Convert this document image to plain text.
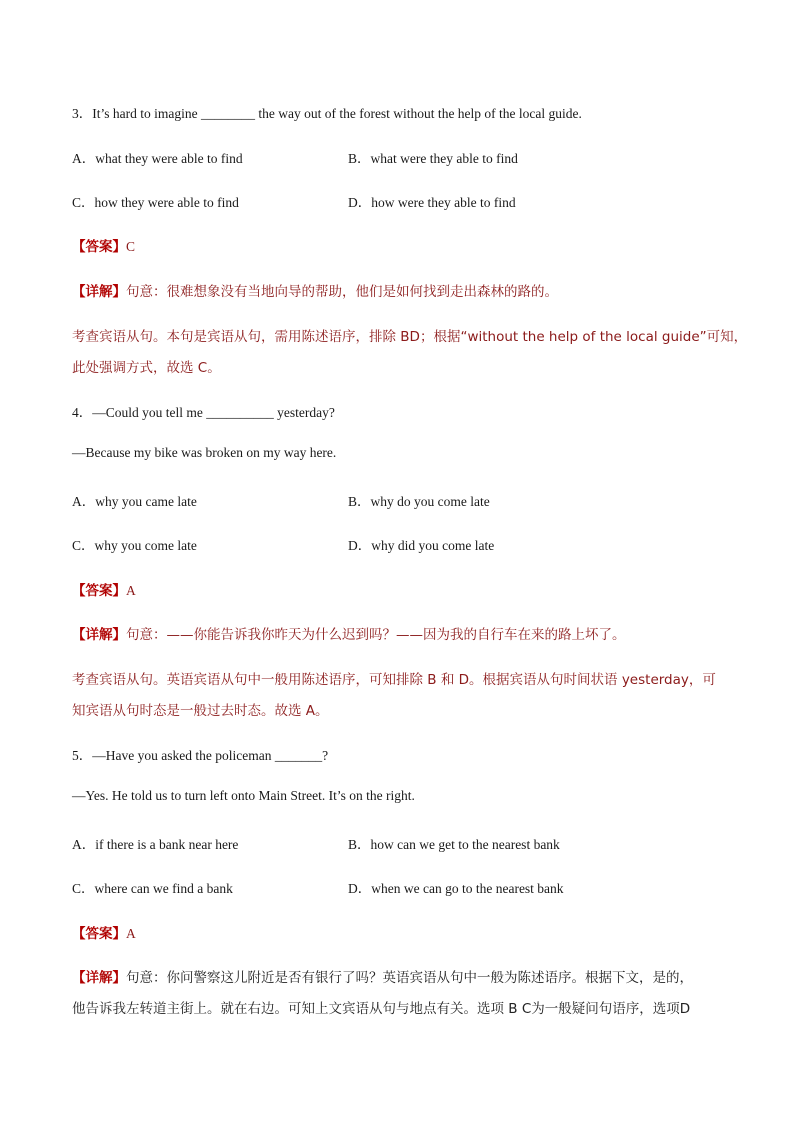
3．It’s hard to imagine ________ the way out of the forest without the help of the local guide.
A．what they were able to find	B．what were they able to find
C．how they were able to find	D．how were they able to find
【答案】C
【详解】句意：很难想象没有当地向导的帮助，他们是如何找到走出森林的路的。
考查宾语从句。本句是宾语从句，需用陈述语序，排除 BD；根据“without the help of the local guide”可知，
此处强调方式，故选 C。
4．—Could you tell me __________ yesterday?
—Because my bike was broken on my way here.
A．why you came late	B．why do you come late
C．why you come late	D．why did you come late
【答案】A
【详解】句意：——你能告诉我你昨天为什么迟到吗？——因为我的自行车在来的路上坏了。
考查宾语从句。英语宾语从句中一般用陈述语序，可知排除 B 和 D。根据宾语从句时间状语 yesterday，可
知宾语从句时态是一般过去时态。故选 A。
5．—Have you asked the policeman _______?
—Yes. He told us to turn left onto Main Street. It’s on the right.
A．if there is a bank near here	B．how can we get to the nearest bank
C．where can we find a bank	D．when we can go to the nearest bank
【答案】A
【详解】句意：你问警察这儿附近是否有银行了吗？英语宾语从句中一般为陈述语序。根据下文，是的，
他告诉我左转道主街上。就在右边。可知上文宾语从句与地点有关。选项 B C为一般疑问句语序，选项D
